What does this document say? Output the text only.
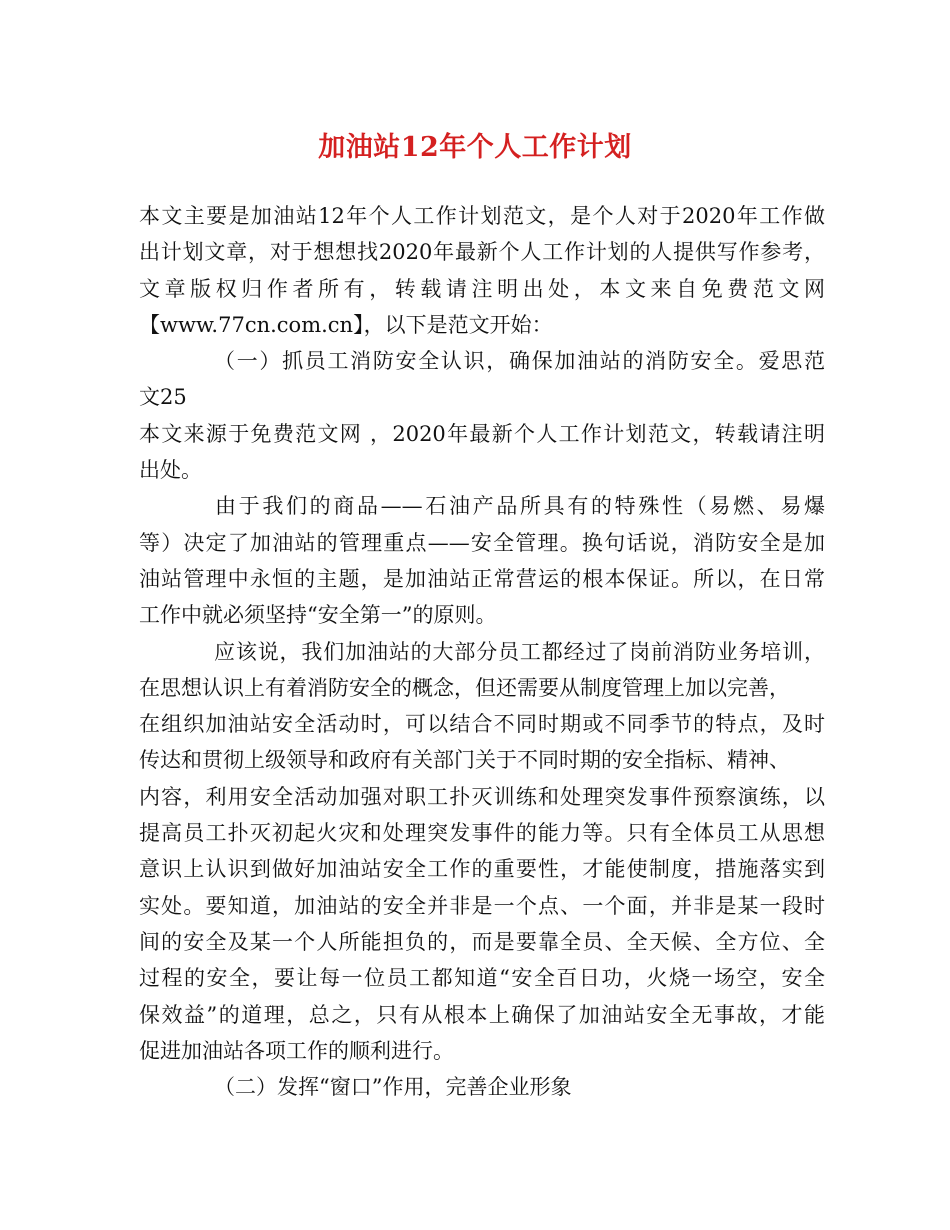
加油站12年个人工作计划
本文主要是加油站12年个人工作计划范文，是个人对于2020年工作做
出计划文章，对于想想找2020年最新个人工作计划的人提供写作参考，
文章版权归作者所有，转载请注明出处，本文来自免费范文网
【www.77cn.com.cn】，以下是范文开始：
（一）抓员工消防安全认识，确保加油站的消防安全。爱思范
文25
本文来源于免费范文网 ，2020年最新个人工作计划范文，转载请注明
出处。
由于我们的商品——石油产品所具有的特殊性（易燃、易爆
等）决定了加油站的管理重点——安全管理。换句话说，消防安全是加
油站管理中永恒的主题，是加油站正常营运的根本保证。所以，在日常
工作中就必须坚持“安全第一”的原则。
应该说，我们加油站的大部分员工都经过了岗前消防业务培训，
在思想认识上有着消防安全的概念，但还需要从制度管理上加以完善，
在组织加油站安全活动时，可以结合不同时期或不同季节的特点，及时
传达和贯彻上级领导和政府有关部门关于不同时期的安全指标、精神、
内容，利用安全活动加强对职工扑灭训练和处理突发事件预察演练，以
提高员工扑灭初起火灾和处理突发事件的能力等。只有全体员工从思想
意识上认识到做好加油站安全工作的重要性，才能使制度，措施落实到
实处。要知道，加油站的安全并非是一个点、一个面，并非是某一段时
间的安全及某一个人所能担负的，而是要靠全员、全天候、全方位、全
过程的安全，要让每一位员工都知道“安全百日功，火烧一场空，安全
保效益”的道理，总之，只有从根本上确保了加油站安全无事故，才能
促进加油站各项工作的顺利进行。
（二）发挥“窗口”作用，完善企业形象
